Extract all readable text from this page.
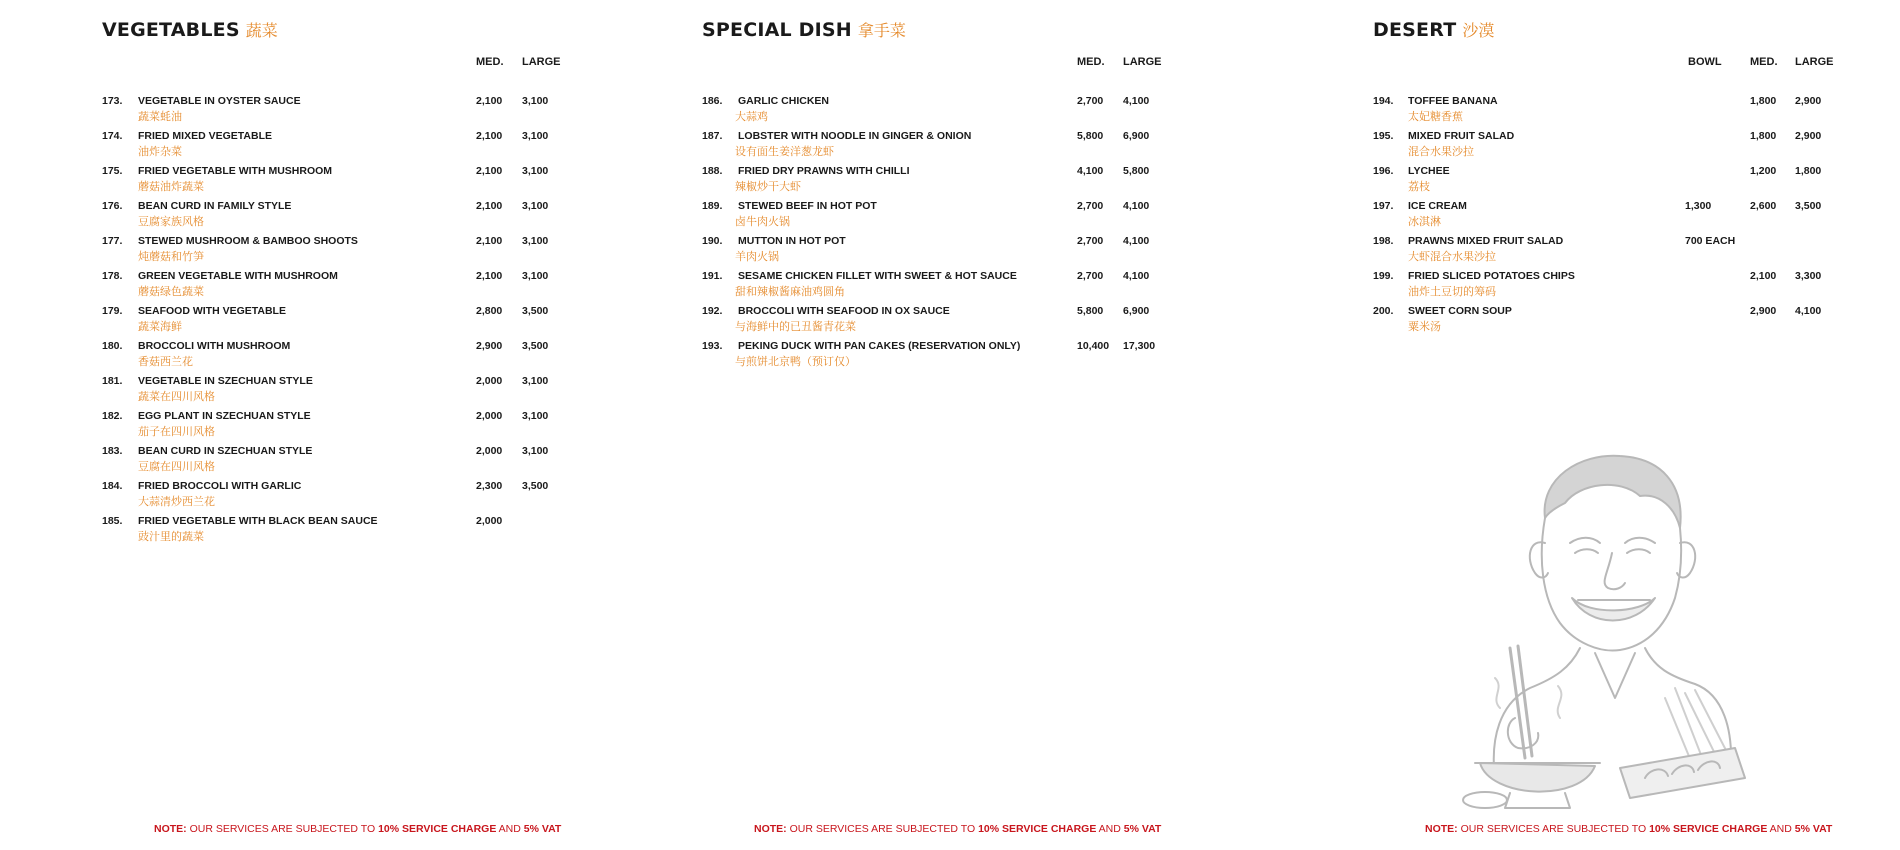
VEGETABLES 蔬菜
MED. LARGE
173. VEGETABLE IN OYSTER SAUCE
蔬菜蚝油
2,100 3,100
174. FRIED MIXED VEGETABLE
油炸杂菜
2,100 3,100
175. FRIED VEGETABLE WITH MUSHROOM
蘑菇油炸蔬菜
2,100 3,100
176. BEAN CURD IN FAMILY STYLE
豆腐家族风格
2,100 3,100
177. STEWED MUSHROOM & BAMBOO SHOOTS
炖蘑菇和竹笋
2,100 3,100
178. GREEN VEGETABLE WITH MUSHROOM
蘑菇绿色蔬菜
2,100 3,100
179. SEAFOOD WITH VEGETABLE
蔬菜海鲜
2,800 3,500
180. BROCCOLI WITH MUSHROOM
香菇西兰花
2,900 3,500
181. VEGETABLE IN SZECHUAN STYLE
蔬菜在四川风格
2,000 3,100
182. EGG PLANT IN SZECHUAN STYLE
茄子在四川风格
2,000 3,100
183. BEAN CURD IN SZECHUAN STYLE
豆腐在四川风格
2,000 3,100
184. FRIED BROCCOLI WITH GARLIC
大蒜清炒西兰花
2,300 3,500
185. FRIED VEGETABLE WITH BLACK BEAN SAUCE
豉汁里的蔬菜
2,000
NOTE: OUR SERVICES ARE SUBJECTED TO 10% SERVICE CHARGE AND 5% VAT
SPECIAL DISH 拿手菜
MED. LARGE
186. GARLIC CHICKEN
大蒜鸡
2,700 4,100
187. LOBSTER WITH NOODLE IN GINGER & ONION
设有面生姜洋葱龙虾
5,800 6,900
188. FRIED DRY PRAWNS WITH CHILLI
辣椒炒干大虾
4,100 5,800
189. STEWED BEEF IN HOT POT
卤牛肉火锅
2,700 4,100
190. MUTTON IN HOT POT
羊肉火锅
2,700 4,100
191. SESAME CHICKEN FILLET WITH SWEET & HOT SAUCE
甜和辣椒酱麻油鸡圆角
2,700 4,100
192. BROCCOLI WITH SEAFOOD IN OX SAUCE
与海鲜中的已丑酱青花菜
5,800 6,900
193. PEKING DUCK WITH PAN CAKES (RESERVATION ONLY)
与煎饼北京鸭（预订仅）
10,400 17,300
NOTE: OUR SERVICES ARE SUBJECTED TO 10% SERVICE CHARGE AND 5% VAT
DESERT 沙漠
BOWL	MED. LARGE
194. TOFFEE BANANA
太妃糖香蕉
1,800 2,900
195. MIXED FRUIT SALAD
混合水果沙拉
1,800 2,900
196. LYCHEE
荔枝
1,200 1,800
197. ICE CREAM
冰淇淋
1,300	2,600 3,500
198. PRAWNS MIXED FRUIT SALAD
大虾混合水果沙拉
700 EACH
199. FRIED SLICED POTATOES CHIPS
油炸土豆切的筹码
2,100 3,300
200. SWEET CORN SOUP
粟米汤
2,900 4,100
NOTE: OUR SERVICES ARE SUBJECTED TO 10% SERVICE CHARGE AND 5% VAT
